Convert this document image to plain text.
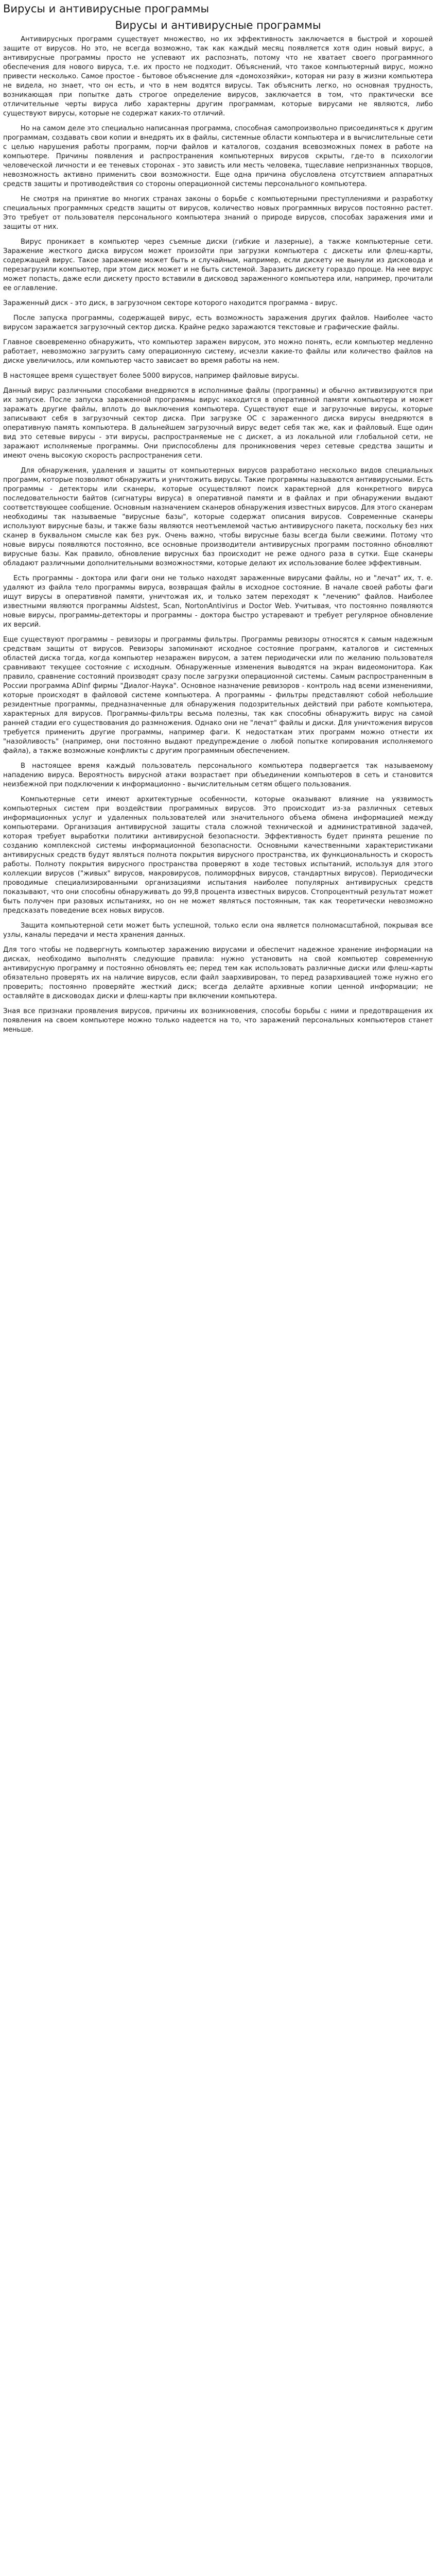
Вирусы и антивирусные программы
Вирусы и антивирусные программы

Антивирусных программ существует множество, но их эффективность заключается в быстрой и хорошей защите от вирусов. Но это, не всегда возможно, так как каждый месяц появляется хотя один новый вирус, а антивирусные программы просто не успевают их распознать, потому что не хватает своего программного обеспечения для нового вируса, т.е. их просто не подходит. Объяснений, что такое компьютерный вирус, можно привести несколько. Самое простое - бытовое объяснение для «домохозяйки», которая ни разу в жизни компьютера не видела, но знает, что он есть, и что в нем водятся вирусы. Так объяснить легко, но основная трудность, возникающая при попытке дать строгое определение вирусов, заключается в том, что практически все отличительные черты вируса либо характерны другим программам, которые вирусами не являются, либо существуют вирусы, которые не содержат каких-то отличий.

Но на самом деле это специально написанная программа, способная самопроизвольно присоединяться к другим программам, создавать свои копии и внедрять их в файлы, системные области компьютера и в вычислительные сети с целью нарушения работы программ, порчи файлов и каталогов, создания всевозможных помех в работе на компьютере. Причины появления и распространения компьютерных вирусов скрыты, где-то в психологии человеческой личности и ее теневых сторонах - это зависть или месть человека, тщеславие непризнанных творцов, невозможность активно применить свои возможности. Еще одна причина обусловлена отсутствием аппаратных средств защиты и противодействия со стороны операционной системы персонального компьютера.

Не смотря на принятие во многих странах законы о борьбе с компьютерными преступлениями и разработку специальных программных средств защиты от вирусов, количество новых программных вирусов постоянно растет. Это требует от пользователя персонального компьютера знаний о природе вирусов, способах заражения ими и защиты от них.

Вирус проникает в компьютер через съемные диски (гибкие и лазерные), а также компьютерные сети. Заражение жесткого диска вирусом может произойти при загрузки компьютера с дискеты или флеш-карты, содержащей вирус. Такое заражение может быть и случайным, например, если дискету не вынули из дисковода и перезагрузили компьютер, при этом диск может и не быть системой. Заразить дискету гораздо проще. На нее вирус может попасть, даже если дискету просто вставили в дисковод зараженного компьютера или, например, прочитали ее оглавление.

Зараженный диск - это диск, в загрузочном секторе которого находится программа - вирус.

После запуска программы, содержащей вирус, есть возможность заражения других файлов. Наиболее часто вирусом заражается загрузочный сектор диска. Крайне редко заражаются текстовые и графические файлы.

Главное своевременно обнаружить, что компьютер заражен вирусом, это можно понять, если компьютер медленно работает, невозможно загрузить саму операционную систему, исчезли какие-то файлы или количество файлов на диске увеличилось, или компьютер часто зависает во время работы на нем.

В настоящее время существует более 5000 вирусов, например файловые вирусы.

Данный вирус различными способами внедряются в исполнимые файлы (программы) и обычно активизируются при их запуске. После запуска зараженной программы вирус находится в оперативной памяти компьютера и может заражать другие файлы, вплоть до выключения компьютера. Существуют еще и загрузочные вирусы, которые записывают себя в загрузочный сектор диска. При загрузке ОС с зараженного диска вирусы внедряются в оперативную память компьютера. В дальнейшем загрузочный вирус ведет себя так же, как и файловый. Еще один вид это сетевые вирусы - эти вирусы, распространяемые не с дискет, а из локальной или глобальной сети, не заражают исполняемые программы. Они приспособлены для проникновения через сетевые средства защиты и имеют очень высокую скорость распространения сети.

Для обнаружения, удаления и защиты от компьютерных вирусов разработано несколько видов специальных программ, которые позволяют обнаружить и уничтожить вирусы. Такие программы называются антивирусными. Есть программы - детекторы или сканеры, которые осуществляют поиск характерной для конкретного вируса последовательности байтов (сигнатуры вируса) в оперативной памяти и в файлах и при обнаружении выдают соответствующее сообщение. Основным назначением сканеров обнаружения известных вирусов. Для этого сканерам необходимы так называемые "вирусные базы", которые содержат описания вирусов. Современные сканеры используют вирусные базы, и также базы являются неотъемлемой частью антивирусного пакета, поскольку без них сканер в буквальном смысле как без рук. Очень важно, чтобы вирусные базы всегда были свежими. Потому что новые вирусы появляются постоянно, все основные производители антивирусных программ постоянно обновляют вирусные базы. Как правило, обновление вирусных баз происходит не реже одного раза в сутки. Еще сканеры обладают различными дополнительными возможностями, которые делают их использование более эффективным.

Есть программы - доктора или фаги они не только находят зараженные вирусами файлы, но и "лечат" их, т. е. удаляют из файла тело программы вируса, возвращая файлы в исходное состояние. В начале своей работы фаги ищут вирусы в оперативной памяти, уничтожая их, и только затем переходят к "лечению" файлов. Наиболее известными являются программы Aidstest, Scan, NortonAntivirus и Doctor Web. Учитывая, что постоянно появляются новые вирусы, программы-детекторы и программы - доктора быстро устаревают и требует регулярное обновление их версий.

Еще существуют программы – ревизоры и программы фильтры. Программы ревизоры относятся к самым надежным средствам защиты от вирусов. Ревизоры запоминают исходное состояние программ, каталогов и системных областей диска тогда, когда компьютер незаражен вирусом, а затем периодически или по желанию пользователя сравнивают текущее состояние с исходным. Обнаруженные изменения выводятся на экран видеомонитора. Как правило, сравнение состояний производят сразу после загрузки операционной системы. Самым распространенным в России программа ADinf фирмы "Диалог-Наука". Основное назначение ревизоров - контроль над всеми изменениями, которые происходят в файловой системе компьютера. А программы - фильтры представляют собой небольшие резидентные программы, предназначенные для обнаружения подозрительных действий при работе компьютера, характерных для вирусов. Программы-фильтры весьма полезны, так как способны обнаружить вирус на самой ранней стадии его существования до размножения. Однако они не "лечат" файлы и диски. Для уничтожения вирусов требуется применить другие программы, например фаги. К недостаткам этих программ можно отнести их "назойливость" (например, они постоянно выдают предупреждение о любой попытке копирования исполняемого файла), а также возможные конфликты с другим программным обеспечением.

В настоящее время каждый пользователь персонального компьютера подвергается так называемому нападению вируса. Вероятность вирусной атаки возрастает при объединении компьютеров в сеть и становится неизбежной при подключении к информационно - вычислительным сетям общего пользования.

Компьютерные сети имеют архитектурные особенности, которые оказывают влияние на уязвимость компьютерных систем при воздействии программных вирусов. Это происходит из-за различных сетевых информационных услуг и удаленных пользователей или значительного объема обмена информацией между компьютерами. Организация антивирусной защиты стала сложной технической и административной задачей, которая требует выработки политики антивирусной безопасности. Эффективность будет принята решение по созданию комплексной системы информационной безопасности. Основными качественными характеристиками антивирусных средств будут являться полнота покрытия вирусного пространства, их функциональность и скорость работы. Полноту покрытия вирусного пространства проверяют в ходе тестовых испытаний, используя для этого коллекции вирусов ("живых" вирусов, макровирусов, полиморфных вирусов, стандартных вирусов). Периодически проводимые специализированными организациями испытания наиболее популярных антивирусных средств показывают, что они способны обнаруживать до 99,8 процента известных вирусов. Стопроцентный результат может быть получен при разовых испытаниях, но он не может являться постоянным, так как теоретически невозможно предсказать поведение всех новых вирусов.

Защита компьютерной сети может быть успешной, только если она является полномасштабной, покрывая все узлы, каналы передачи и места хранения данных.

Для того чтобы не подвергнуть компьютер заражению вирусами и обеспечит надежное хранение информации на дисках, необходимо выполнять следующие правила: нужно установить на свой компьютер современную антивирусную программу и постоянно обновлять ее; перед тем как использовать различные диски или флеш-карты обязательно проверять их на наличие вирусов, если файл заархивирован, то перед разархивацией тоже нужно его проверить; постоянно проверяйте жесткий диск; всегда делайте архивные копии ценной информации; не оставляйте в дисководах диски и флеш-карты при включении компьютера.

Зная все признаки проявления вирусов, причины их возникновения, способы борьбы с ними и предотвращения их появления на своем компьютере можно только надеется на то, что заражений персональных компьютеров станет меньше.
